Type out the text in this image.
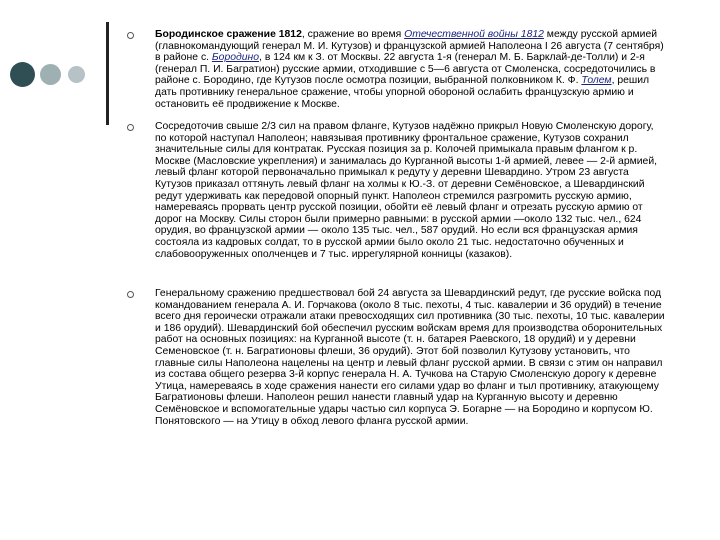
Бородинское сражение 1812, сражение во время Отечественной войны 1812 между русской армией (главнокомандующий генерал М. И. Кутузов) и французской армией Наполеона I 26 августа (7 сентября) в районе с. Бородино, в 124 км к З. от Москвы. 22 августа 1-я (генерал М. Б. Барклай-де-Толли) и 2-я (генерал П. И. Багратион) русские армии, отходившие с 5—6 августа от Смоленска, сосредоточились в районе с. Бородино, где Кутузов после осмотра позиции, выбранной полковником К. Ф. Толем, решил дать противнику генеральное сражение, чтобы упорной обороной ослабить французскую армию и остановить её продвижение к Москве.

Сосредоточив свыше 2/3 сил на правом фланге, Кутузов надёжно прикрыл Новую Смоленскую дорогу, по которой наступал Наполеон; навязывая противнику фронтальное сражение, Кутузов сохранил значительные силы для контратак. Русская позиция за р. Колочей примыкала правым флангом к р. Москве (Масловские укрепления) и занималась до Курганной высоты 1-й армией, левее — 2-й армией, левый фланг которой первоначально примыкал к редуту у деревни Шевардино. Утром 23 августа Кутузов приказал оттянуть левый фланг на холмы к Ю.-З. от деревни Семёновское, а Шевардинский редут удерживать как передовой опорный пункт. Наполеон стремился разгромить русскую армию, намереваясь прорвать центр русской позиции, обойти её левый фланг и отрезать русскую армию от дорог на Москву. Силы сторон были примерно равными: в русской армии —около 132 тыс. чел., 624 орудия, во французской армии — около 135 тыс. чел., 587 орудий. Но если вся французская армия состояла из кадровых солдат, то в русской армии было около 21 тыс. недостаточно обученных и слабовооруженных ополченцев и 7 тыс. иррегулярной конницы (казаков).

Генеральному сражению предшествовал бой 24 августа за Шевардинский редут, где русские войска под командованием генерала А. И. Горчакова (около 8 тыс. пехоты, 4 тыс. кавалерии и 36 орудий) в течение всего дня героически отражали атаки превосходящих сил противника (30 тыс. пехоты, 10 тыс. кавалерии и 186 орудий). Шевардинский бой обеспечил русским войскам время для производства оборонительных работ на основных позициях: на Курганной высоте (т. н. батарея Раевского, 18 орудий) и у деревни Семеновское (т. н. Багратионовы флеши, 36 орудий). Этот бой позволил Кутузову установить, что главные силы Наполеона нацелены на центр и левый фланг русской армии. В связи с этим он направил из состава общего резерва 3-й корпус генерала Н. А. Тучкова на Старую Смоленскую дорогу к деревне Утица, намереваясь в ходе сражения нанести его силами удар во фланг и тыл противнику, атакующему Багратионовы флеши. Наполеон решил нанести главный удар на Курганную высоту и деревню Семёновское и вспомогательные удары частью сил корпуса Э. Богарне — на Бородино и корпусом Ю. Понятовского — на Утицу в обход левого фланга русской армии.
